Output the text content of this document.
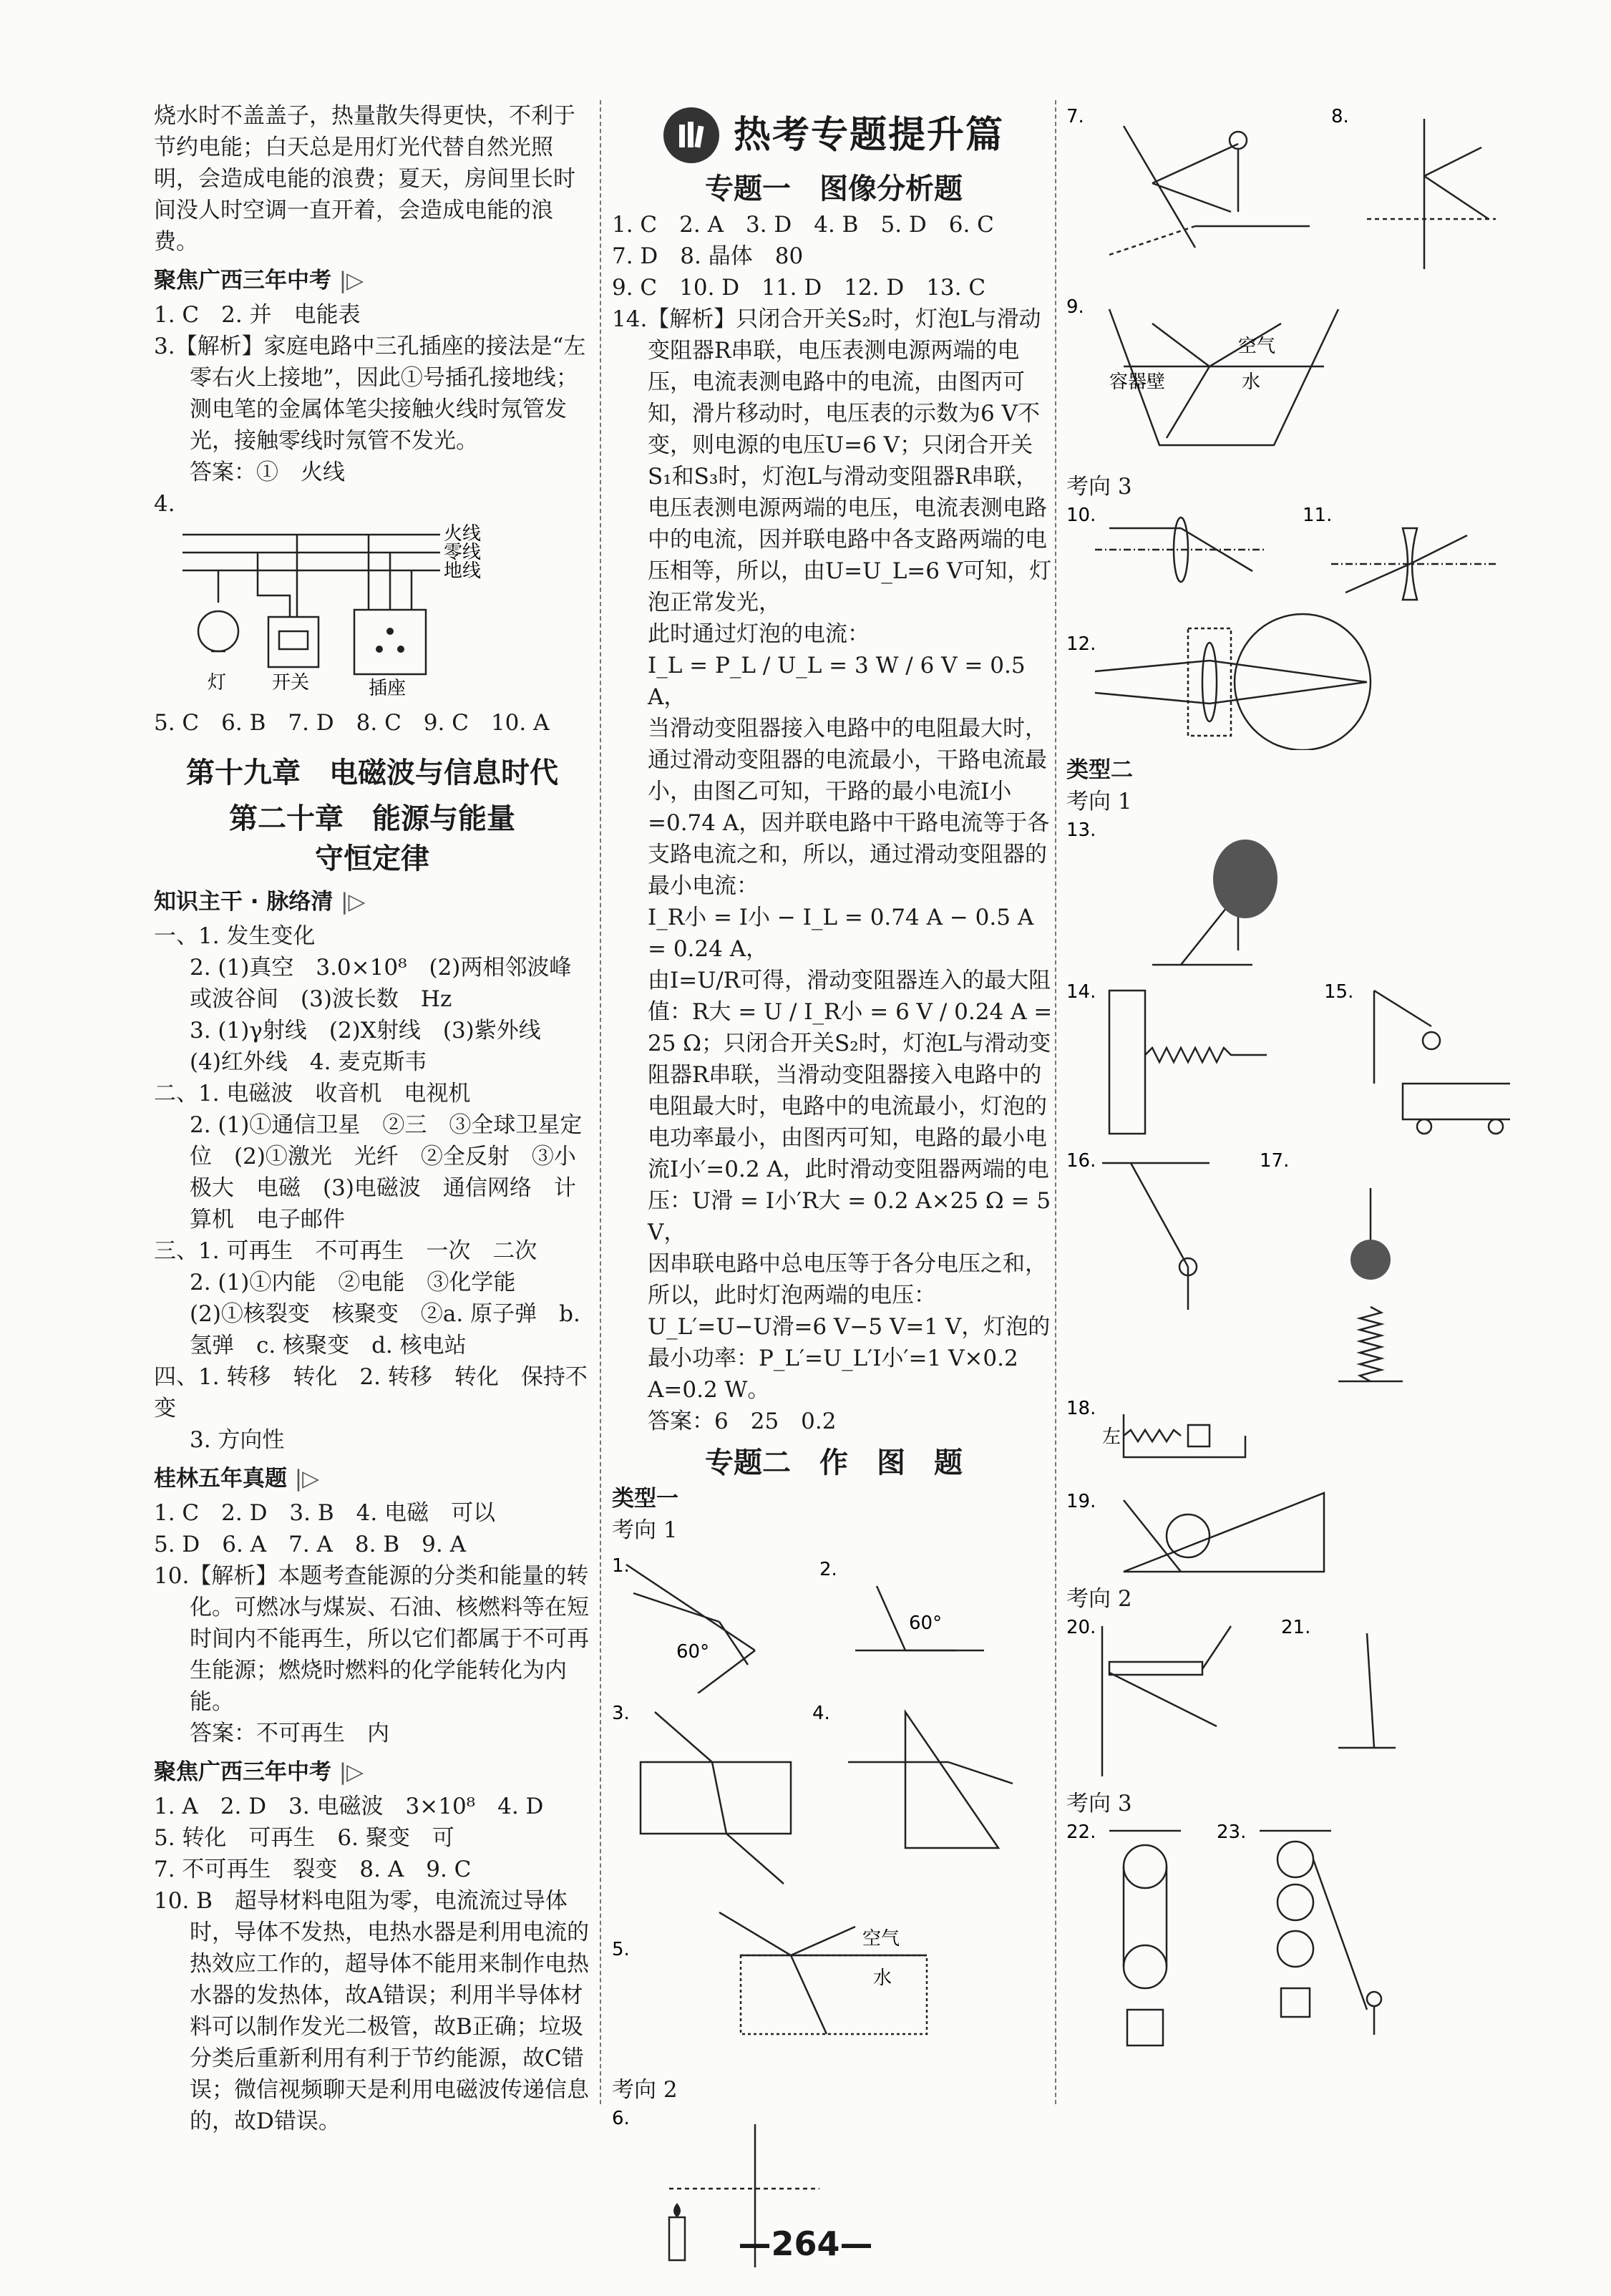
烧水时不盖盖子，热量散失得更快，不利于节约电能；白天总是用灯光代替自然光照明，会造成电能的浪费；夏天，房间里长时间没人时空调一直开着，会造成电能的浪费。

聚焦广西三年中考 |▷

1. C　2. 并　电能表

3.【解析】家庭电路中三孔插座的接法是“左零右火上接地”，因此①号插孔接地线；测电笔的金属体笔尖接触火线时氖管发光，接触零线时氖管不发光。

答案：①　火线

4.

火线
零线
地线
灯 开关	插座

5. C　6. B　7. D　8. C　9. C　10. A

第十九章　电磁波与信息时代
第二十章　能源与能量
守恒定律
知识主干 · 脉络清 |▷

一、1. 发生变化

2. (1)真空　3.0×10⁸　(2)两相邻波峰或波谷间　(3)波长数　Hz

3. (1)γ射线　(2)X射线　(3)紫外线　(4)红外线　4. 麦克斯韦

二、1. 电磁波　收音机　电视机

2. (1)①通信卫星　②三　③全球卫星定位　(2)①激光　光纤　②全反射　③小　极大　电磁　(3)电磁波　通信网络　计算机　电子邮件

三、1. 可再生　不可再生　一次　二次

2. (1)①内能　②电能　③化学能

(2)①核裂变　核聚变　②a. 原子弹　b. 氢弹　c. 核聚变　d. 核电站

四、1. 转移　转化　2. 转移　转化　保持不变

3. 方向性

桂林五年真题 |▷

1. C　2. D　3. B　4. 电磁　可以

5. D　6. A　7. A　8. B　9. A

10.【解析】本题考查能源的分类和能量的转化。可燃冰与煤炭、石油、核燃料等在短时间内不能再生，所以它们都属于不可再生能源；燃烧时燃料的化学能转化为内能。

答案：不可再生　内

聚焦广西三年中考 |▷

1. A　2. D　3. 电磁波　3×10⁸　4. D

5. 转化　可再生　6. 聚变　可

7. 不可再生　裂变　8. A　9. C

10. B　超导材料电阻为零，电流流过导体时，导体不发热，电热水器是利用电流的热效应工作的，超导体不能用来制作电热水器的发热体，故A错误；利用半导体材料可以制作发光二极管，故B正确；垃圾分类后重新利用有利于节约能源，故C错误；微信视频聊天是利用电磁波传递信息的，故D错误。

热考专题提升篇
专题一　图像分析题

1. C　2. A　3. D　4. B　5. D　6. C

7. D　8. 晶体　80

9. C　10. D　11. D　12. D　13. C

14.【解析】只闭合开关S₂时，灯泡L与滑动变阻器R串联，电压表测电源两端的电压，电流表测电路中的电流，由图丙可知，滑片移动时，电压表的示数为6 V不变，则电源的电压U=6 V；只闭合开关S₁和S₃时，灯泡L与滑动变阻器R串联，电压表测电源两端的电压，电流表测电路中的电流，因并联电路中各支路两端的电压相等，所以，由U=U_L=6 V可知，灯泡正常发光，

此时通过灯泡的电流：

I_L = P_L / U_L = 3 W / 6 V = 0.5 A，

当滑动变阻器接入电路中的电阻最大时，通过滑动变阻器的电流最小，干路电流最小，由图乙可知，干路的最小电流I小=0.74 A，因并联电路中干路电流等于各支路电流之和，所以，通过滑动变阻器的最小电流：

I_R小 = I小 − I_L = 0.74 A − 0.5 A = 0.24 A，

由I=U/R可得，滑动变阻器连入的最大阻值：R大 = U / I_R小 = 6 V / 0.24 A = 25 Ω；只闭合开关S₂时，灯泡L与滑动变阻器R串联，当滑动变阻器接入电路中的电阻最大时，电路中的电流最小，灯泡的电功率最小，由图丙可知，电路的最小电流I小′=0.2 A，此时滑动变阻器两端的电压：U滑 = I小′R大 = 0.2 A×25 Ω = 5 V，

因串联电路中总电压等于各分电压之和，所以，此时灯泡两端的电压：U_L′=U−U滑=6 V−5 V=1 V，灯泡的最小功率：P_L′=U_L′I小′=1 V×0.2 A=0.2 W。

答案：6　25　0.2

专题二　作　图　题

类型一

考向 1

1.
60°
2.
60°
3.	4.
5.	空气
水

考向 2

6.
7.	8.
9.
容器壁
空气
水

考向 3

10.	11.
12.

类型二

考向 1

13.
14.	15.
16.	17.
18.
左
19.

考向 2

20.	21.

考向 3

22.	23.
—264—
